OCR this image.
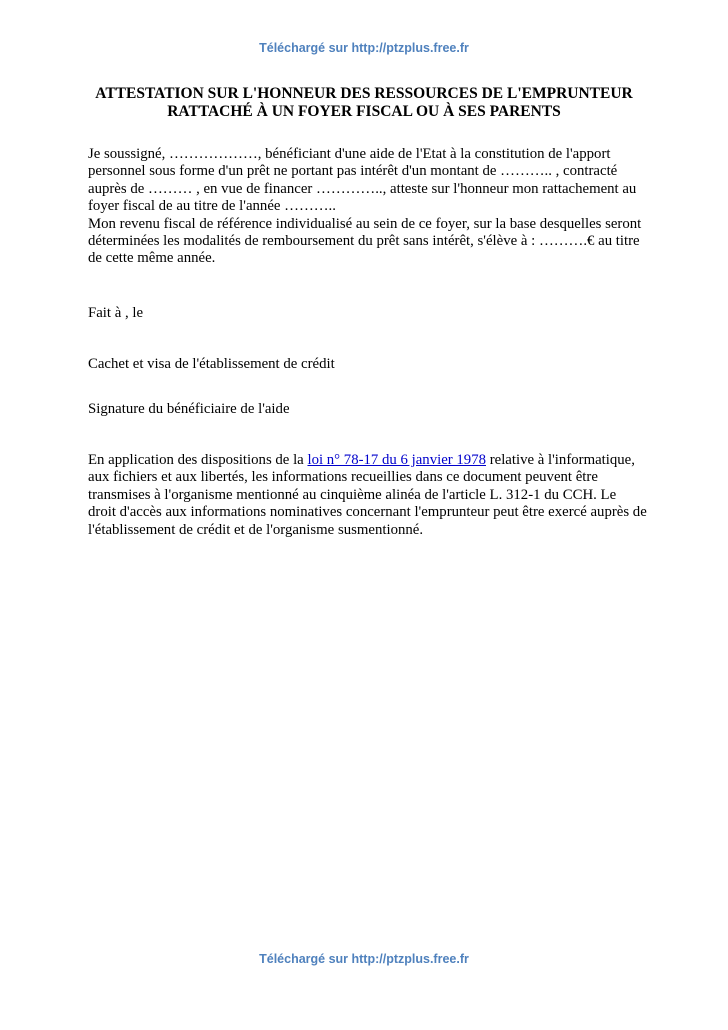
Téléchargé sur http://ptzplus.free.fr
ATTESTATION SUR L'HONNEUR DES RESSOURCES DE L'EMPRUNTEUR
RATTACHÉ À UN FOYER FISCAL OU À SES PARENTS
Je soussigné, ………………, bénéficiant d'une aide de l'Etat à la constitution de l'apport
personnel sous forme d'un prêt ne portant pas intérêt d'un montant de ……….. , contracté
auprès de ……… , en vue de financer ………….., atteste sur l'honneur mon rattachement au
foyer fiscal de au titre de l'année ………..
Mon revenu fiscal de référence individualisé au sein de ce foyer, sur la base desquelles seront
déterminées les modalités de remboursement du prêt sans intérêt, s'élève à : ……….€ au titre
de cette même année.
Fait à , le
Cachet et visa de l'établissement de crédit
Signature du bénéficiaire de l'aide
En application des dispositions de la loi n° 78-17 du 6 janvier 1978 relative à l'informatique,
aux fichiers et aux libertés, les informations recueillies dans ce document peuvent être
transmises à l'organisme mentionné au cinquième alinéa de l'article L. 312-1 du CCH. Le
droit d'accès aux informations nominatives concernant l'emprunteur peut être exercé auprès de
l'établissement de crédit et de l'organisme susmentionné.
Téléchargé sur http://ptzplus.free.fr
